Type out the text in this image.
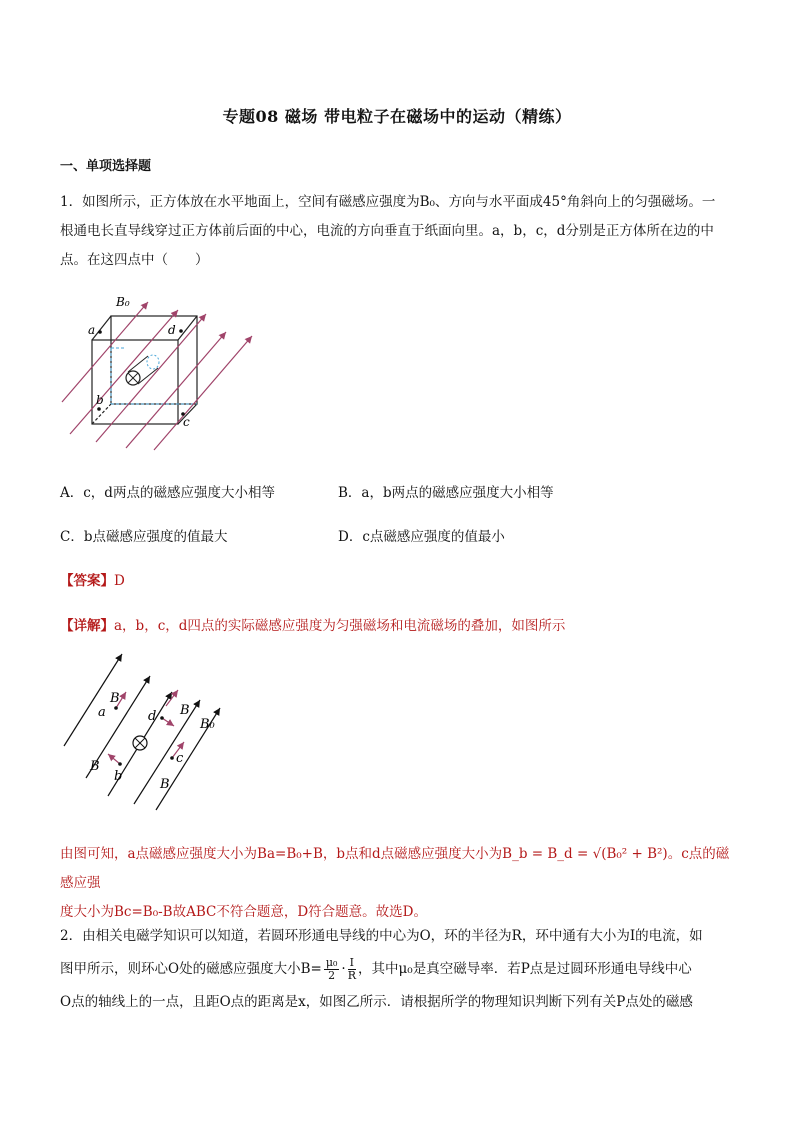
专题08 磁场 带电粒子在磁场中的运动（精练）
一、单项选择题
1．如图所示，正方体放在水平地面上，空间有磁感应强度为B₀、方向与水平面成45°角斜向上的匀强磁场。一
根通电长直导线穿过正方体前后面的中心，电流的方向垂直于纸面向里。a，b，c，d分别是正方体所在边的中
点。在这四点中（　　）
B₀
a	d
b
c
A．c，d两点的磁感应强度大小相等	B．a，b两点的磁感应强度大小相等
C．b点磁感应强度的值最大	D．c点磁感应强度的值最小
【答案】D
【详解】a，b，c，d四点的实际磁感应强度为匀强磁场和电流磁场的叠加，如图所示
B
a	d B
B₀
B
b
c
B
由图可知，a点磁感应强度大小为Ba=B₀+B，b点和d点磁感应强度大小为B_b = B_d = √(B₀² + B²)。c点的磁感应强
度大小为Bc=B₀-B故ABC不符合题意，D符合题意。故选D。
2．由相关电磁学知识可以知道，若圆环形通电导线的中心为O，环的半径为R，环中通有大小为I的电流，如
图甲所示，则环心O处的磁感应强度大小$B= \frac{\text{μ₀}}{2} \cdot \frac{I}{R}$ ，其中μ₀是真空磁导率．若P点是过圆环形通电导线中心
O点的轴线上的一点，且距O点的距离是x，如图乙所示．请根据所学的物理知识判断下列有关P点处的磁感
